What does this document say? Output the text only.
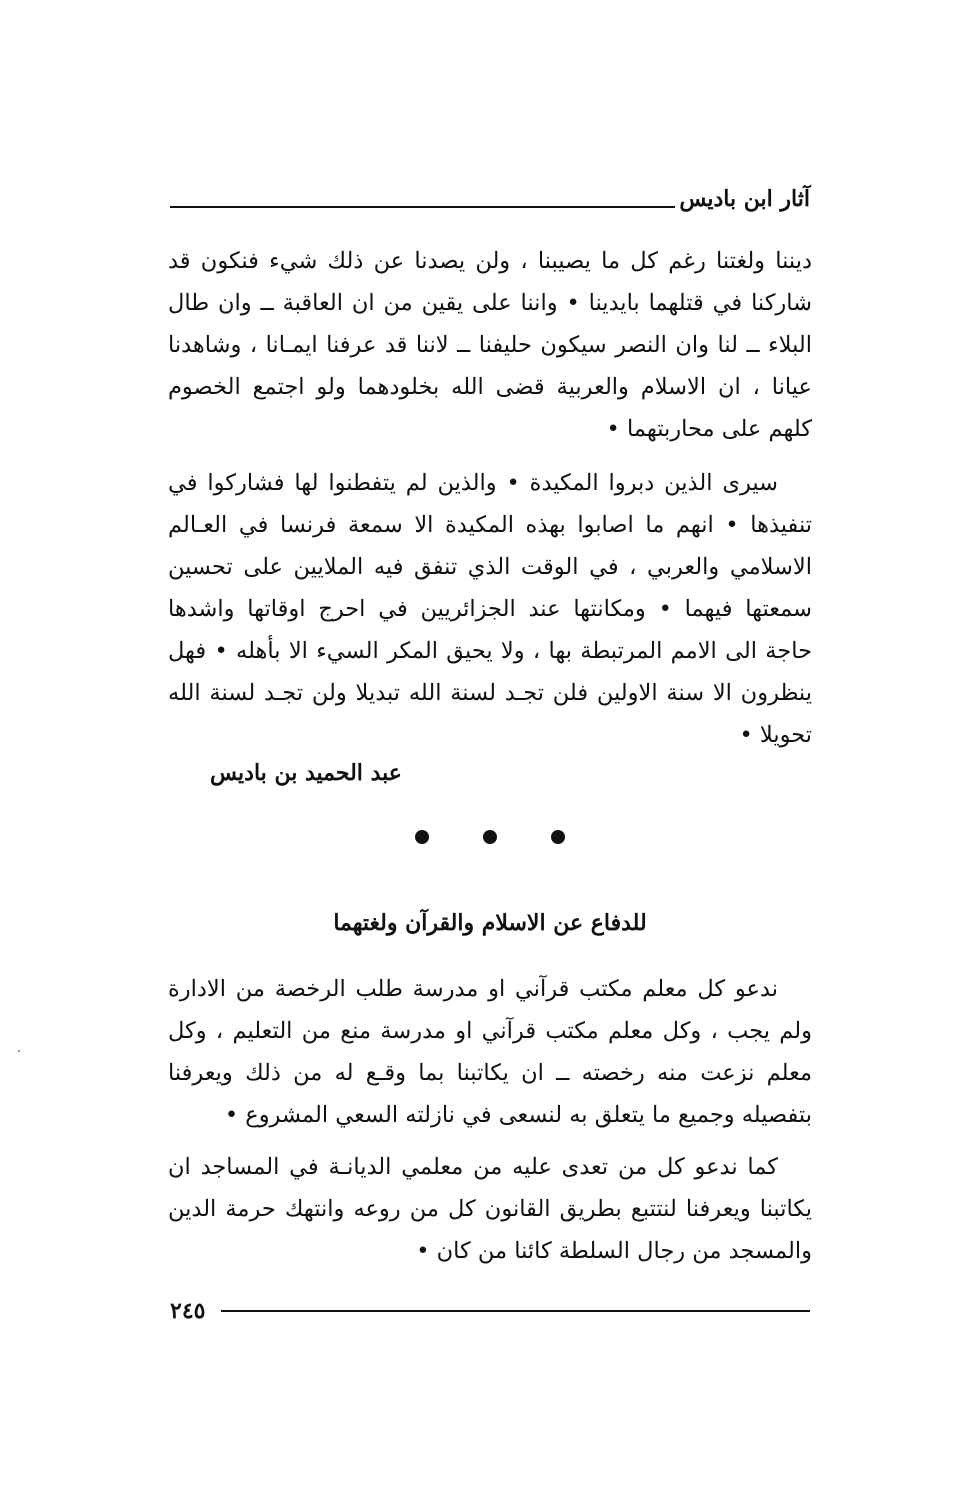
آثار ابن باديس

ديننا ولغتنا رغم كل ما يصيبنا ، ولن يصدنا عن ذلك شيء فنكون قد شاركنا في قتلهما بايدينا • واننا على يقين من ان العاقبة ــ وان طال البلاء ــ لنا وان النصر سيكون حليفنا ــ لاننا قد عرفنا ايمـانا ، وشاهدنا عيانا ، ان الاسلام والعربية قضى الله بخلودهما ولو اجتمع الخصوم كلهم على محاربتهما •

سيرى الذين دبروا المكيدة • والذين لم يتفطنوا لها فشاركوا في تنفيذها • انهم ما اصابوا بهذه المكيدة الا سمعة فرنسا في العـالم الاسلامي والعربي ، في الوقت الذي تنفق فيه الملايين على تحسين سمعتها فيهما • ومكانتها عند الجزائريين في احرج اوقاتها واشدها حاجة الى الامم المرتبطة بها ، ولا يحيق المكر السيء الا بأهله • فهل ينظرون الا سنة الاولين فلن تجـد لسنة الله تبديلا ولن تجـد لسنة الله تحويلا •

عبد الحميد بن باديس
للدفاع عن الاسلام والقرآن ولغتهما

ندعو كل معلم مكتب قرآني او مدرسة طلب الرخصة من الادارة ولم يجب ، وكل معلم مكتب قرآني او مدرسة منع من التعليم ، وكل معلم نزعت منه رخصته ــ ان يكاتبنا بما وقـع له من ذلك ويعرفنا بتفصيله وجميع ما يتعلق به لنسعى في نازلته السعي المشروع •

كما ندعو كل من تعدى عليه من معلمي الديانـة في المساجد ان يكاتبنا ويعرفنا لنتتبع بطريق القانون كل من روعه وانتهك حرمة الدين والمسجد من رجال السلطة كائنا من كان •

٢٤٥
